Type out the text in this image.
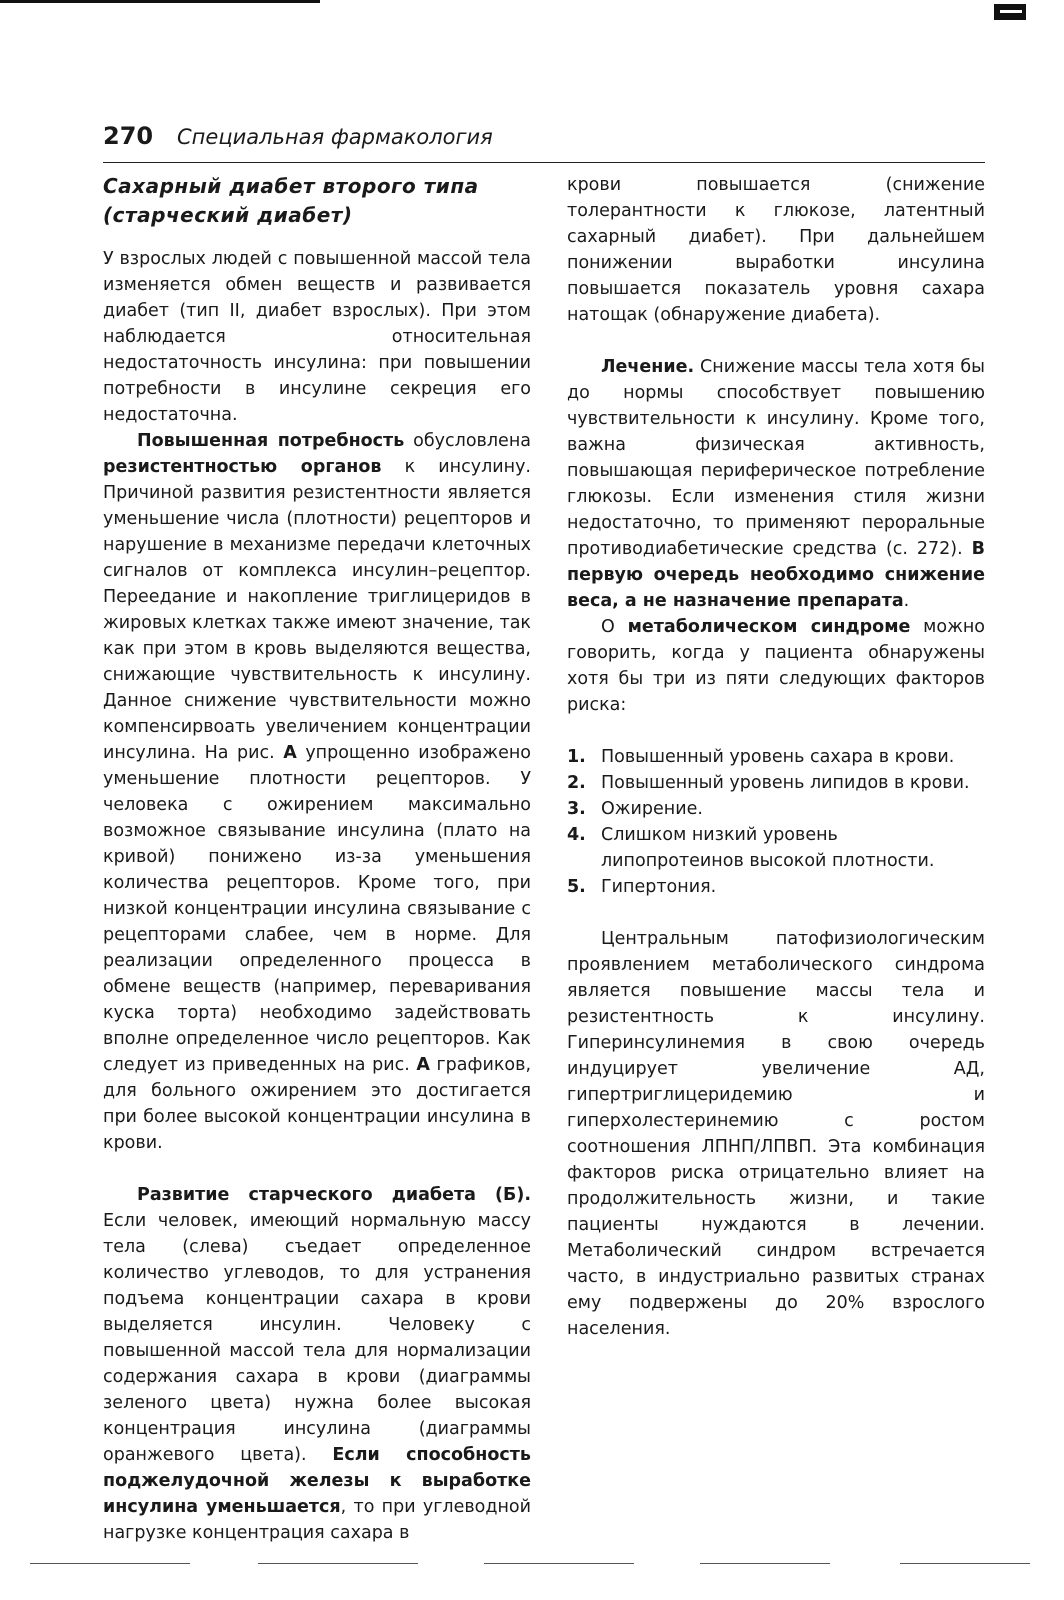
270 Специальная фармакология
Сахарный диабет второго типа (старческий диабет)

У взрослых людей с повышенной массой тела изменяется обмен веществ и развивается диабет (тип II, диабет взрослых). При этом наблюдается относительная недостаточность инсулина: при повышении потребности в инсулине секреция его недостаточна.

Повышенная потребность обусловлена резистентностью органов к инсулину. Причиной развития резистентности является уменьшение числа (плотности) рецепторов и нарушение в механизме передачи клеточных сигналов от комплекса инсулин–рецептор. Переедание и накопление триглицеридов в жировых клетках также имеют значение, так как при этом в кровь выделяются вещества, снижающие чувствительность к инсулину. Данное снижение чувствительности можно компенсирвоать увеличением концентрации инсулина. На рис. А упрощенно изображено уменьшение плотности рецепторов. У человека с ожирением максимально возможное связывание инсулина (плато на кривой) понижено из-за уменьшения количества рецепторов. Кроме того, при низкой концентрации инсулина связывание с рецепторами слабее, чем в норме. Для реализации определенного процесса в обмене веществ (например, переваривания куска торта) необходимо задействовать вполне определенное число рецепторов. Как следует из приведенных на рис. А графиков, для больного ожирением это достигается при более высокой концентрации инсулина в крови.

Развитие старческого диабета (Б). Если человек, имеющий нормальную массу тела (слева) съедает определенное количество углеводов, то для устранения подъема концентрации сахара в крови выделяется инсулин. Человеку с повышенной массой тела для нормализации содержания сахара в крови (диаграммы зеленого цвета) нужна более высокая концентрация инсулина (диаграммы оранжевого цвета). Если способность поджелудочной железы к выработке инсулина уменьшается, то при углеводной нагрузке концентрация сахара в

крови повышается (снижение толерантности к глюкозе, латентный сахарный диабет). При дальнейшем понижении выработки инсулина повышается показатель уровня сахара натощак (обнаружение диабета).

Лечение. Снижение массы тела хотя бы до нормы способствует повышению чувствительности к инсулину. Кроме того, важна физическая активность, повышающая периферическое потребление глюкозы. Если изменения стиля жизни недостаточно, то применяют пероральные противодиабетические средства (с. 272). В первую очередь необходимо снижение веса, а не назначение препарата.

О метаболическом синдроме можно говорить, когда у пациента обнаружены хотя бы три из пяти следующих факторов риска:

1. Повышенный уровень сахара в крови.
2. Повышенный уровень липидов в крови.
3. Ожирение.
4. Слишком низкий уровень липопротеинов высокой плотности.
5. Гипертония.

Центральным патофизиологическим проявлением метаболического синдрома является повышение массы тела и резистентность к инсулину. Гиперинсулинемия в свою очередь индуцирует увеличение АД, гипертриглицеридемию и гиперхолестеринемию с ростом соотношения ЛПНП/ЛПВП. Эта комбинация факторов риска отрицательно влияет на продолжительность жизни, и такие пациенты нуждаются в лечении. Метаболический синдром встречается часто, в индустриально развитых странах ему подвержены до 20% взрослого населения.
